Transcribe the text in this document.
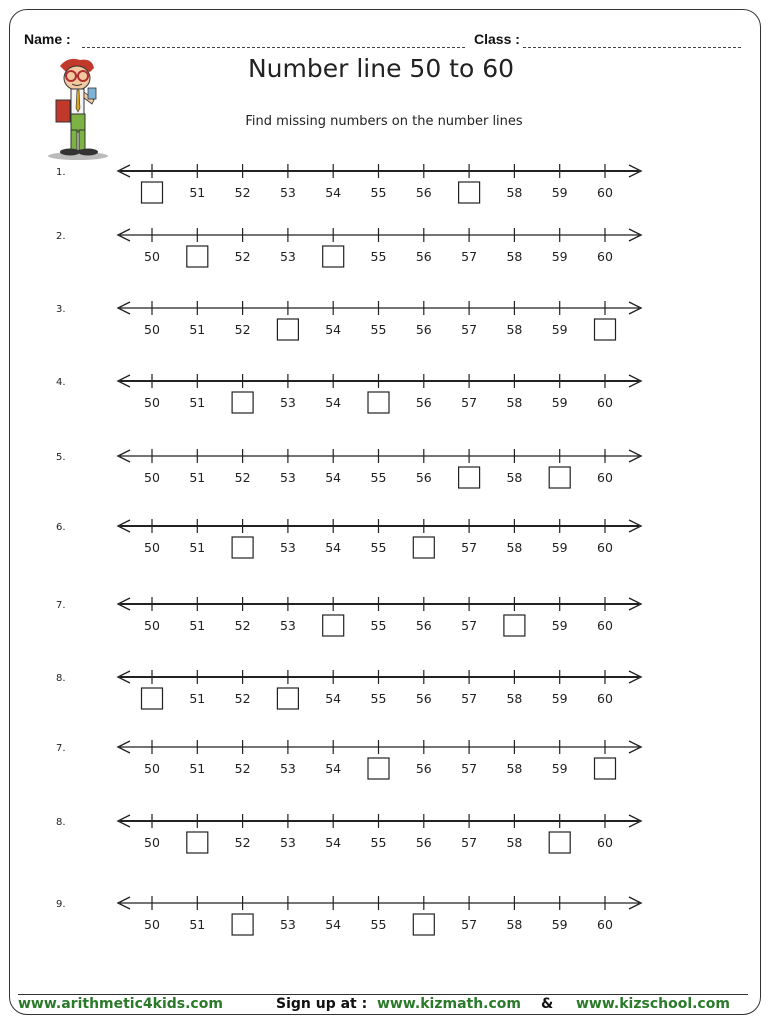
Name :	Class :
Number line 50 to 60
Find missing numbers on the number lines
1.
51 52 53 54 55 56	58 59 60
2.
50	52 53	55 56 57 58 59 60
3.
50 51 52	54 55 56 57 58 59
4.
50 51	53 54	56 57 58 59 60
5.
50 51 52 53 54 55 56	58	60
6.
50 51	53 54 55	57 58 59 60
7.
50 51 52 53	55 56 57	59 60
8.
51 52	54 55 56 57 58 59 60
7.
50 51 52 53 54	56 57 58 59
8.
50	52 53 54 55 56 57 58	60
9.
50 51	53 54 55	57 58 59 60
www.arithmetic4kids.com	Sign up at : www.kizmath.com & www.kizschool.com
